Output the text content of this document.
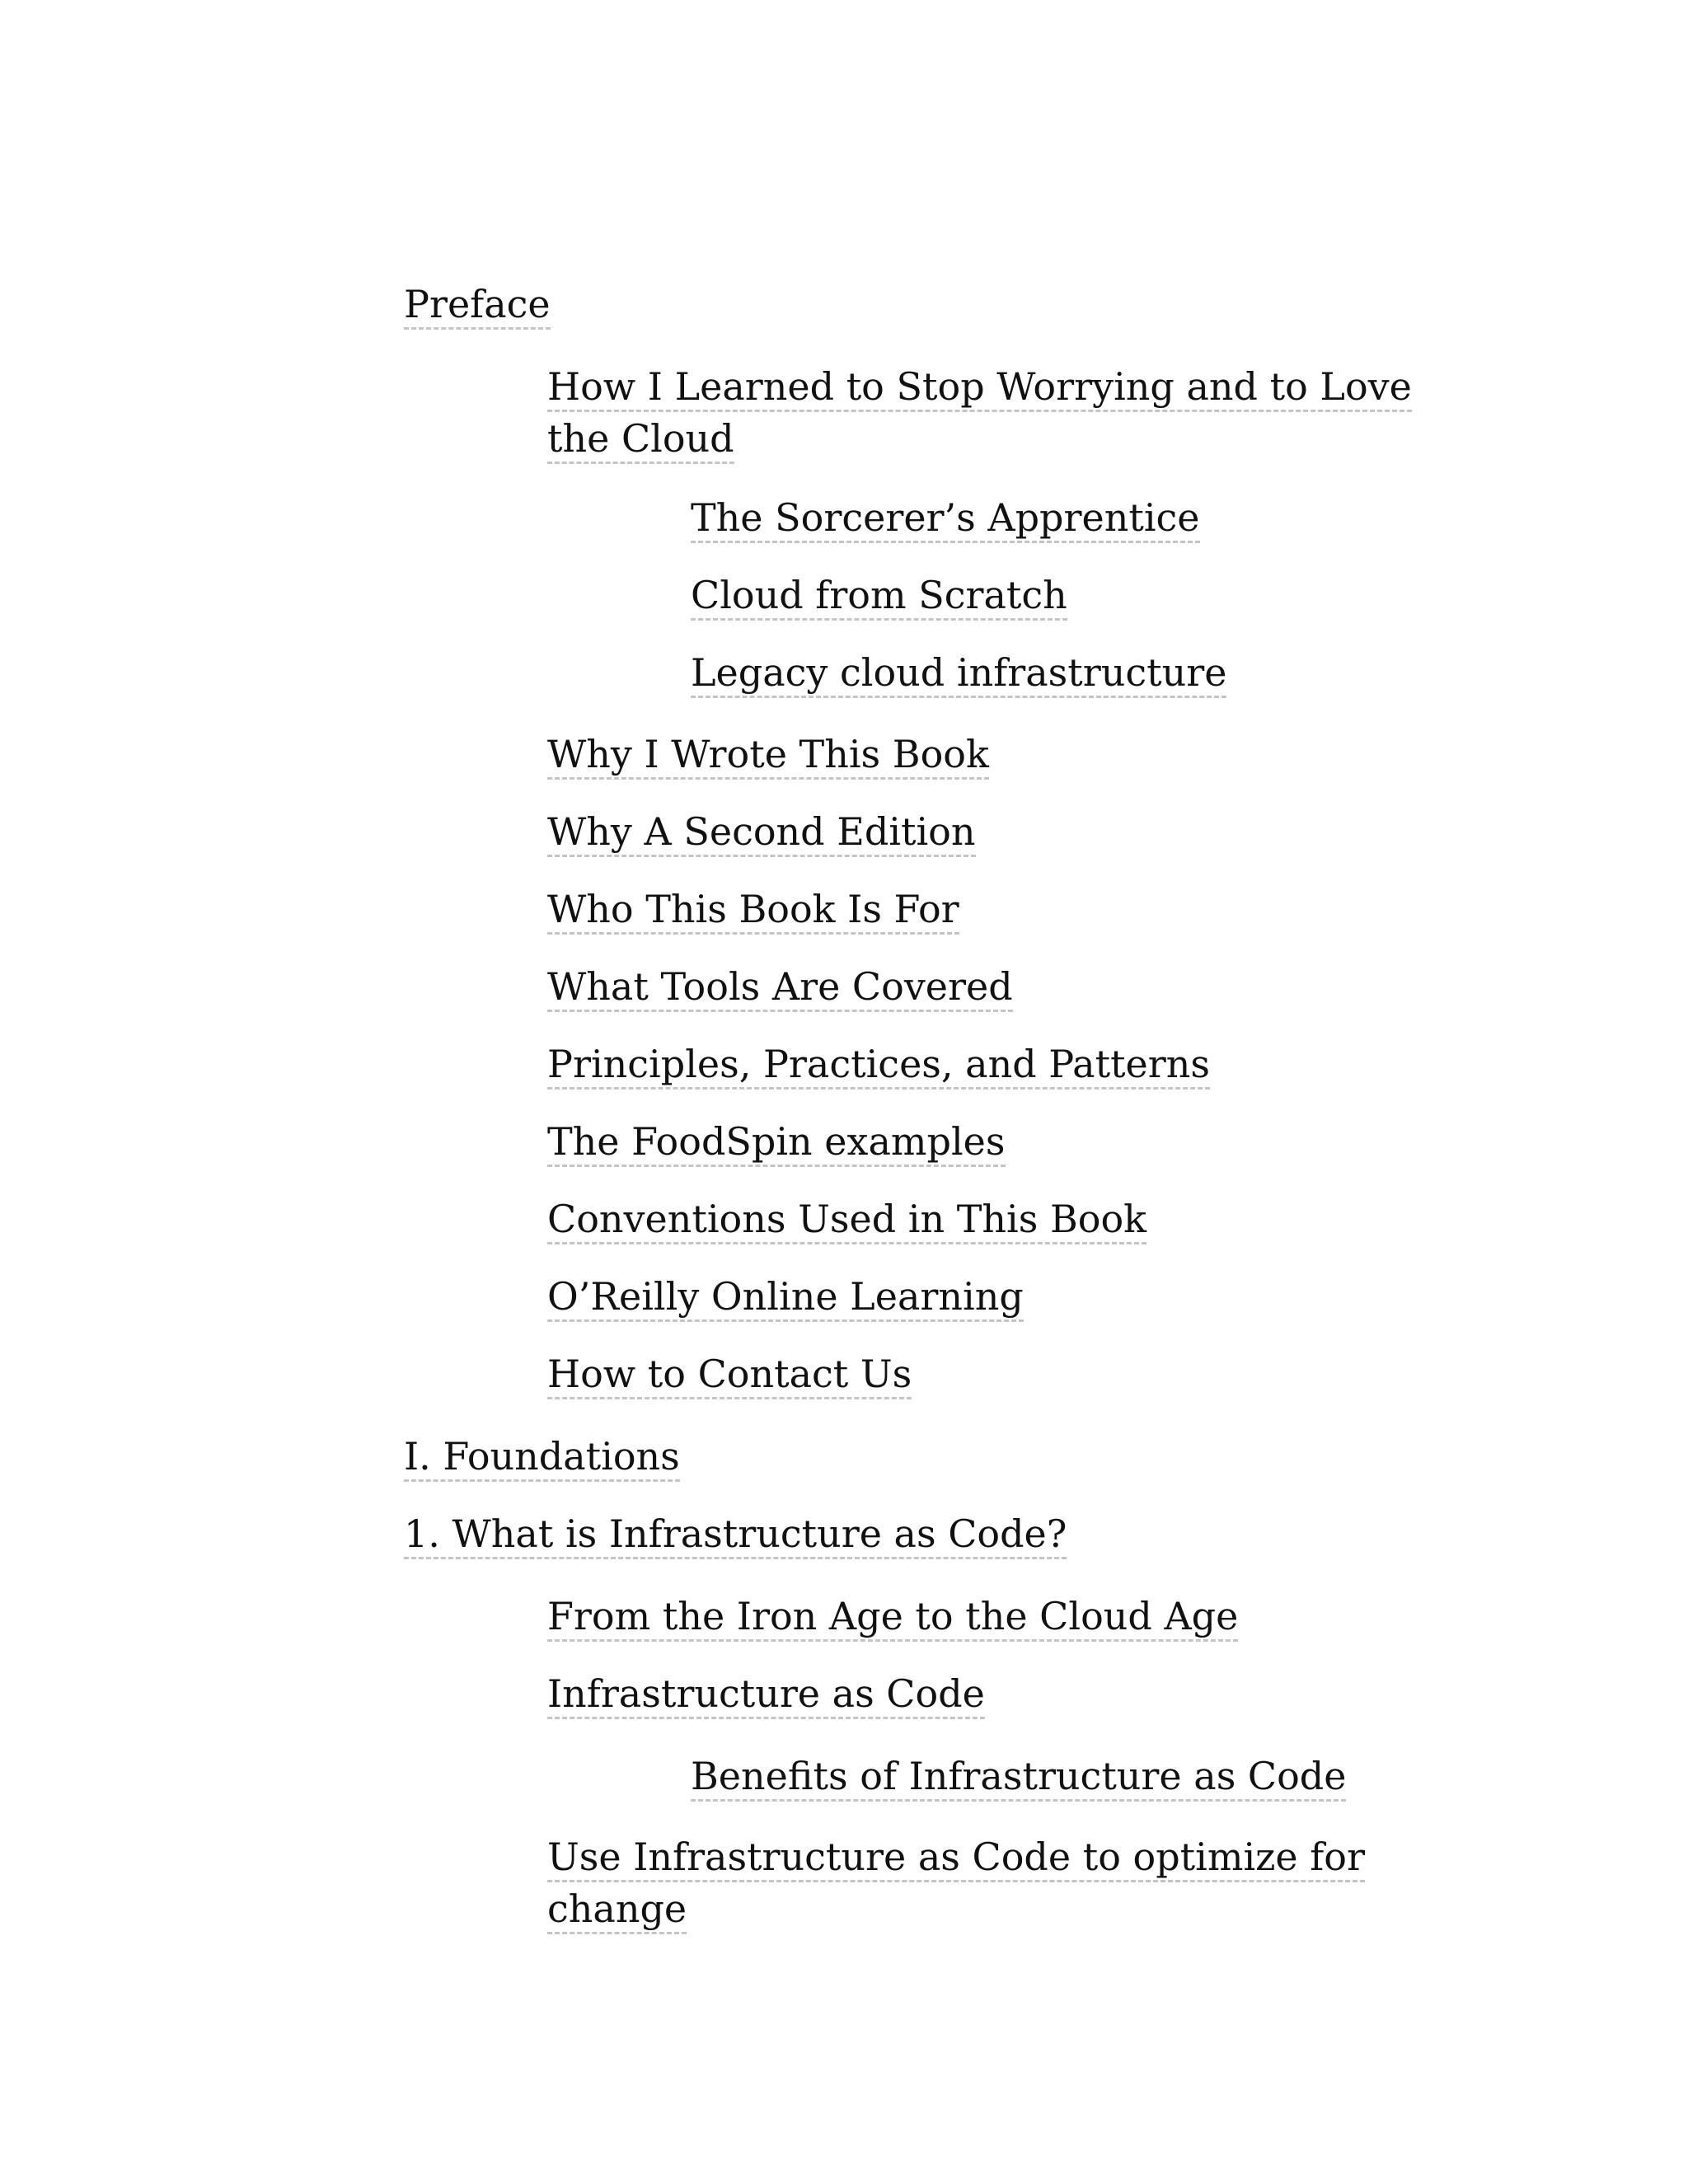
Preface
How I Learned to Stop Worrying and to Love
the Cloud
The Sorcerer’s Apprentice
Cloud from Scratch
Legacy cloud infrastructure
Why I Wrote This Book
Why A Second Edition
Who This Book Is For
What Tools Are Covered
Principles, Practices, and Patterns
The FoodSpin examples
Conventions Used in This Book
O’Reilly Online Learning
How to Contact Us
I. Foundations
1. What is Infrastructure as Code?
From the Iron Age to the Cloud Age
Infrastructure as Code
Benefits of Infrastructure as Code
Use Infrastructure as Code to optimize for
change
